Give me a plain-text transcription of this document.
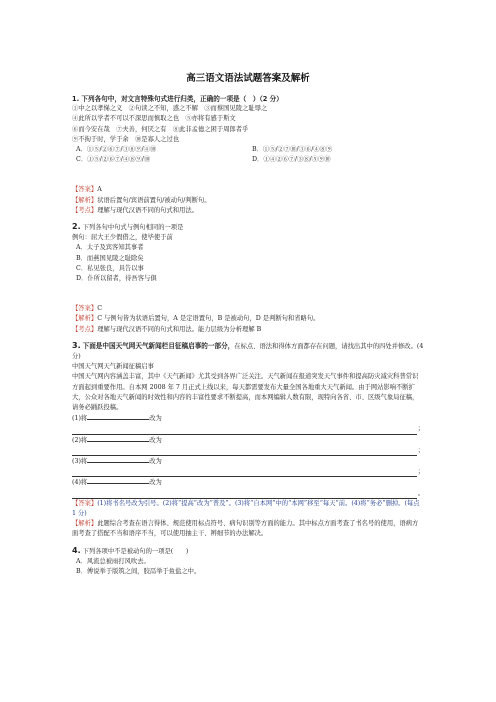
高三语文语法试题答案及解析
1. 下列各句中，对文言特殊句式进行归类，正确的一项是（　）（2 分）
①中之以孝悌之义　②句读之不知，惑之不解　③而蔡国见陵之耻辱之
④此所以学者不可以不深思而慎取之也　⑤亦将有感于斯文
⑥而今安在哉　⑦夫善，何厌之有　⑧此非孟德之困于周郎者乎
⑨不拘于时，学于余　⑩是寡人之过也
A．①⑤/②⑥⑦/③⑧⑨/④⑩	B．①⑤/②⑦⑩/③⑥/④⑧⑨
C．①⑤/②⑥⑦/④⑧⑨/⑩	D．①④②⑥⑦/③⑧/⑤⑨⑩
【答案】A
【解析】状语后置句/宾语前置句/被动句/判断句。
【考点】理解与现代汉语不同的句式和用法。
2. 下列各句中句式与例句相同的一项是
例句：屈大王少假借之，使毕使于前
A．太子及宾客知其事者
B．而燕国见陵之耻除矣
C．私见张良，具告以事
D．仆所以留者，待吾客与俱
【答案】C
【解析】C 与例句皆为状语后置句，A 是定语置句，B 是被动句，D 是判断句和省略句。
【考点】理解与现代汉语不同的句式和用法。能力层级为分析理解 B
3. 下面是中国天气网天气新闻栏目征稿启事的一部分，在标点、语法和得体方面都存在问题，请找出其中的四处并修改。(4 分)
中国天气网天气新闻征稿启事
中国天气网内容涵盖丰富，其中《天气新闻》尤其受到各界广泛关注。天气新闻在报道突发天气事件和提高防灾减灾科普常识方面起到重要作用。自本网 2008 年 7 月正式上线以来，每天都需要发布大量全国各地重大天气新闻。由于网站影响不断扩大，公众对各地天气新闻的时效性和内容的丰富性要求不断提高，而本网编辑人数有限，现特向各省、市、区级气象局征稿，请务必踊跃投稿。
(1)将	改为
；
(2)将	改为
；
(3)将	改为
；
(4)将	改为
。
【答案】(1)将书名号改为引号。(2)将“提高”改为“普及”。(3)将“自本网”中的“本网”移至“每天”前。(4)将“务必”删掉。(每点 1 分)
【解析】此题综合考查在语言得体、规范使用标点符号、病句识别等方面的能力。其中标点方面考查了书名号的使用，语病方面考查了搭配不当和语序不当，可以使用抽主干、辨细节的办法解决。
4. 下列各项中不是被动句的一项是(　　)
A．风流总被雨打风吹去。
B．傅说举于版筑之间，胶鬲举于鱼盐之中。
